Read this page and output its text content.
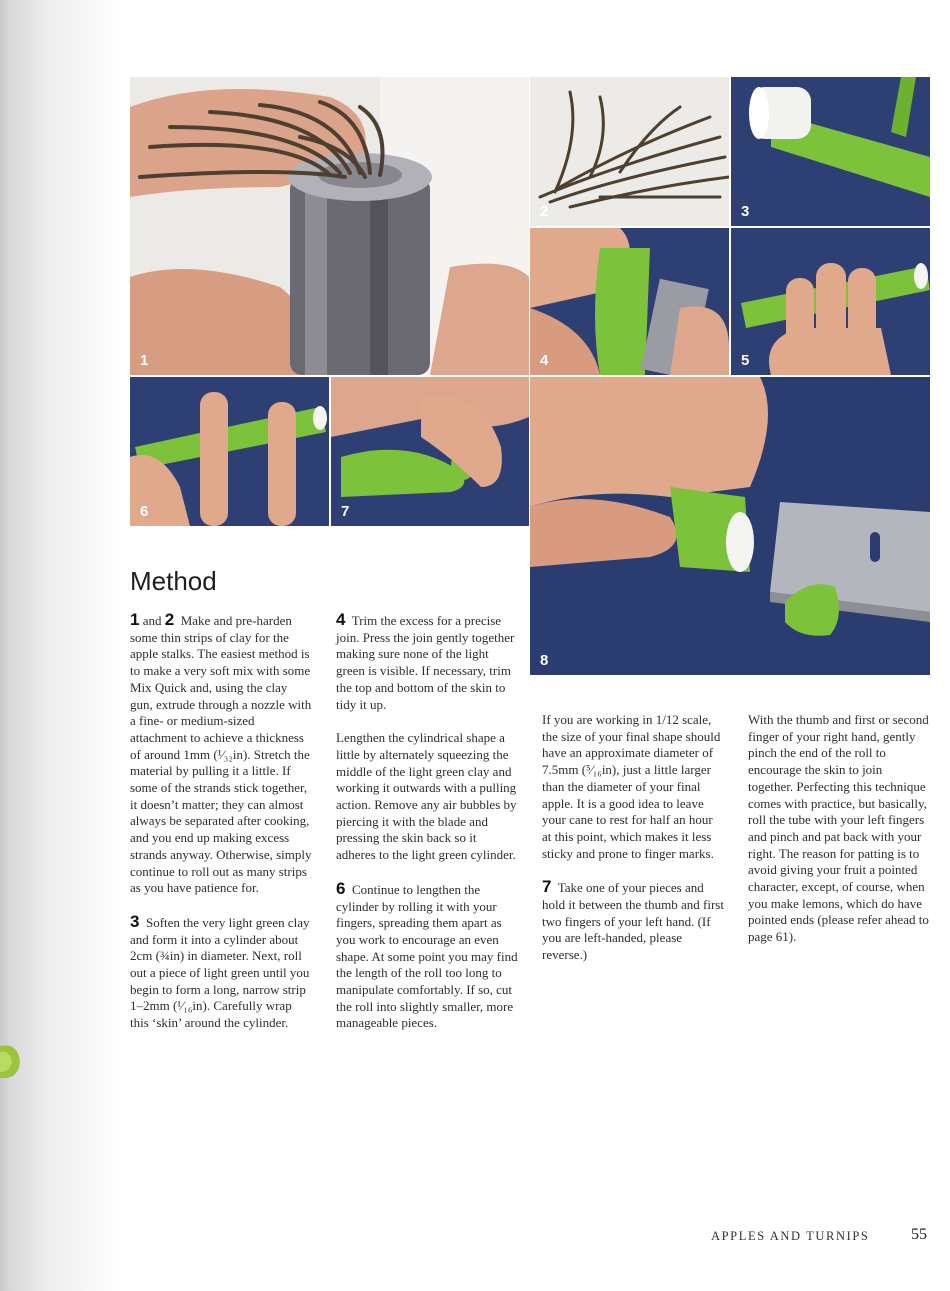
1
2	3
4	5
6	7
8
Method

1 and 2 Make and pre-harden some thin strips of clay for the apple stalks. The easiest method is to make a very soft mix with some Mix Quick and, using the clay gun, extrude through a nozzle with a fine- or medium-sized attachment to achieve a thickness of around 1mm (¹⁄₃₂in). Stretch the material by pulling it a little. If some of the strands stick together, it doesn’t matter; they can almost always be separated after cooking, and you end up making excess strands anyway. Otherwise, simply continue to roll out as many strips as you have patience for.

3 Soften the very light green clay and form it into a cylinder about 2cm (¾in) in diameter. Next, roll out a piece of light green until you begin to form a long, narrow strip 1–2mm (¹⁄₁₆in). Carefully wrap this ‘skin’ around the cylinder.

4 Trim the excess for a precise join. Press the join gently together making sure none of the light green is visible. If necessary, trim the top and bottom of the skin to tidy it up.

Lengthen the cylindrical shape a little by alternately squeezing the middle of the light green clay and working it outwards with a pulling action. Remove any air bubbles by piercing it with the blade and pressing the skin back so it adheres to the light green cylinder.

6 Continue to lengthen the cylinder by rolling it with your fingers, spreading them apart as you work to encourage an even shape. At some point you may find the length of the roll too long to manipulate comfortably. If so, cut the roll into slightly smaller, more manageable pieces.

If you are working in 1/12 scale, the size of your final shape should have an approximate diameter of 7.5mm (⁵⁄₁₆in), just a little larger than the diameter of your final apple. It is a good idea to leave your cane to rest for half an hour at this point, which makes it less sticky and prone to finger marks.

7 Take one of your pieces and hold it between the thumb and first two fingers of your left hand. (If you are left-handed, please reverse.)

With the thumb and first or second finger of your right hand, gently pinch the end of the roll to encourage the skin to join together. Perfecting this technique comes with practice, but basically, roll the tube with your left fingers and pinch and pat back with your right. The reason for patting is to avoid giving your fruit a pointed character, except, of course, when you make lemons, which do have pointed ends (please refer ahead to page 61).

APPLES AND TURNIPS	55
